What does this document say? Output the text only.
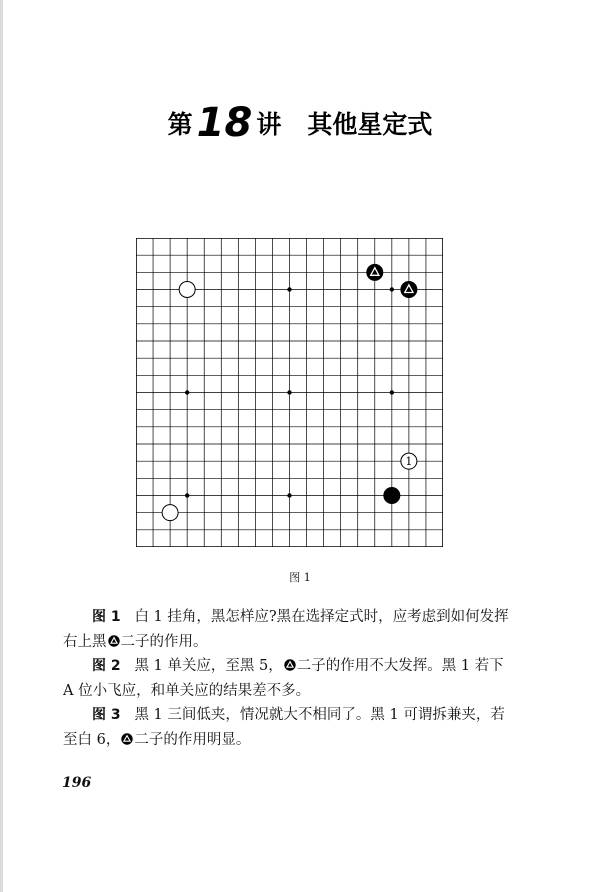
第 18 讲 其他星定式
1
图 1

图 1 白 1 挂角，黑怎样应?黑在选择定式时，应考虑到如何发挥右上黑 二子的作用。

图 2 黑 1 单关应，至黑 5， 二子的作用不大发挥。黑 1 若下 A 位小飞应，和单关应的结果差不多。

图 3 黑 1 三间低夹，情况就大不相同了。黑 1 可谓拆兼夹，若至白 6， 二子的作用明显。

196
